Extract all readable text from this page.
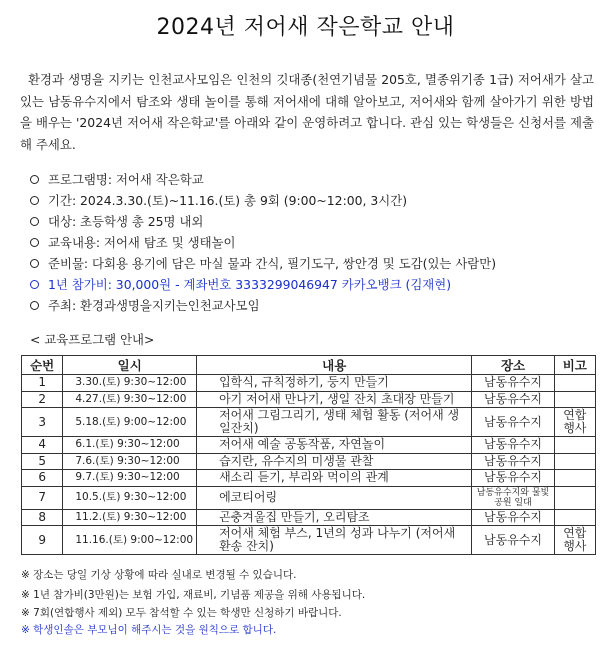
2024년 저어새 작은학교 안내
환경과 생명을 지키는 인천교사모임은 인천의 깃대종(천연기념물 205호, 멸종위기종 1급) 저어새가 살고 있는 남동유수지에서 탐조와 생태 놀이를 통해 저어새에 대해 알아보고, 저어새와 함께 살아가기 위한 방법을 배우는 '2024년 저어새 작은학교'를 아래와 같이 운영하려고 합니다. 관심 있는 학생들은 신청서를 제출해 주세요.
프로그램명: 저어새 작은학교
기간: 2024.3.30.(토)~11.16.(토) 총 9회 (9:00~12:00, 3시간)
대상: 초등학생 총 25명 내외
교육내용: 저어새 탐조 및 생태놀이
준비물: 다회용 용기에 담은 마실 물과 간식, 필기도구, 쌍안경 및 도감(있는 사람만)
1년 참가비: 30,000원 - 계좌번호 3333299046947 카카오뱅크 (김재현)
주최: 환경과생명을지키는인천교사모임
< 교육프로그램 안내>
순번	일시	내용	장소	비고
1	3.30.(토) 9:30~12:00	입학식, 규칙정하기, 둥지 만들기	남동유수지	
2	4.27.(토) 9:30~12:00	아기 저어새 만나기, 생일 잔치 초대장 만들기	남동유수지	
3	5.18.(토) 9:00~12:00	저어새 그림그리기, 생태 체험 활동 (저어새 생일잔치)	남동유수지	연합행사
4	6.1.(토) 9:30~12:00	저어새 예술 공동작품, 자연놀이	남동유수지	
5	7.6.(토) 9:30~12:00	습지란, 유수지의 미생물 관찰	남동유수지	
6	9.7.(토) 9:30~12:00	새소리 듣기, 부리와 먹이의 관계	남동유수지	
7	10.5.(토) 9:30~12:00	에코티어링	남동유수지와 물빛공원 일대	
8	11.2.(토) 9:30~12:00	곤충겨울집 만들기, 오리탐조	남동유수지	
9	11.16.(토) 9:00~12:00	저어새 체험 부스, 1년의 성과 나누기 (저어새 환송 잔치)	남동유수지	연합행사
※ 장소는 당일 기상 상황에 따라 실내로 변경될 수 있습니다.
※ 1년 참가비(3만원)는 보험 가입, 재료비, 기념품 제공을 위해 사용됩니다.
※ 7회(연합행사 제외) 모두 참석할 수 있는 학생만 신청하기 바랍니다.
※ 학생인솔은 부모님이 해주시는 것을 원칙으로 합니다.
